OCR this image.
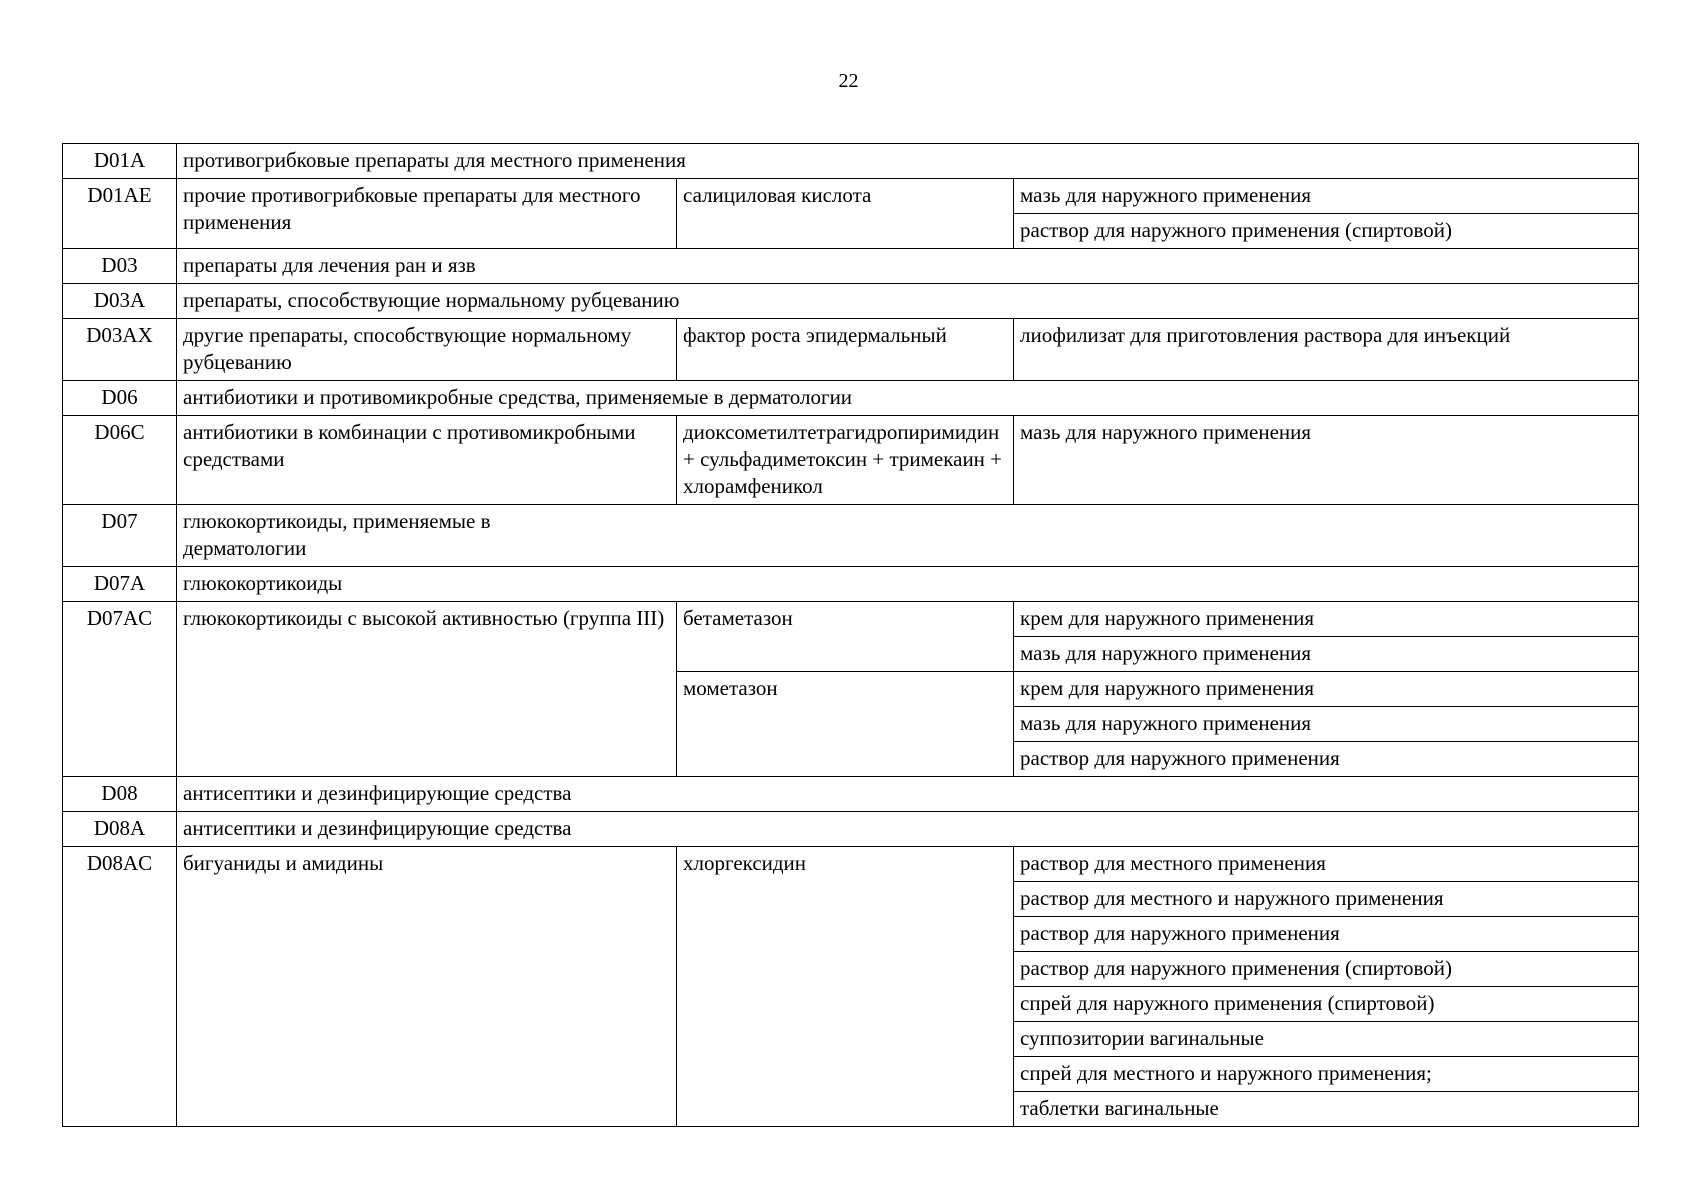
22
D01A	противогрибковые препараты для местного применения		
D01AE	прочие противогрибковые препараты для местного применения	салициловая кислота	мазь для наружного применения
			раствор для наружного применения (спиртовой)
D03	препараты для лечения ран и язв		
D03A	препараты, способствующие нормальному рубцеванию		
D03AX	другие препараты, способствующие нормальному рубцеванию	фактор роста эпидермальный	лиофилизат для приготовления раствора для инъекций
D06	антибиотики и противомикробные средства, применяемые в дерматологии		
D06C	антибиотики в комбинации с противомикробными средствами	диоксометилтетрагидропиримидин + сульфадиметоксин + тримекаин + хлорамфеникол	мазь для наружного применения
D07	глюкокортикоиды, применяемые в дерматологии		

D07A	глюкокортикоиды		
D07AC	глюкокортикоиды с высокой активностью (группа III)	бетаметазон	крем для наружного применения
			мазь для наружного применения
		мометазон	крем для наружного применения
			мазь для наружного применения
			раствор для наружного применения
D08	антисептики и дезинфицирующие средства		
D08A	антисептики и дезинфицирующие средства		
D08AC	бигуаниды и амидины	хлоргексидин	раствор для местного применения
			раствор для местного и наружного применения
			раствор для наружного применения
			раствор для наружного применения (спиртовой)
			спрей для наружного применения (спиртовой)
			суппозитории вагинальные
			спрей для местного и наружного применения;
			таблетки вагинальные
